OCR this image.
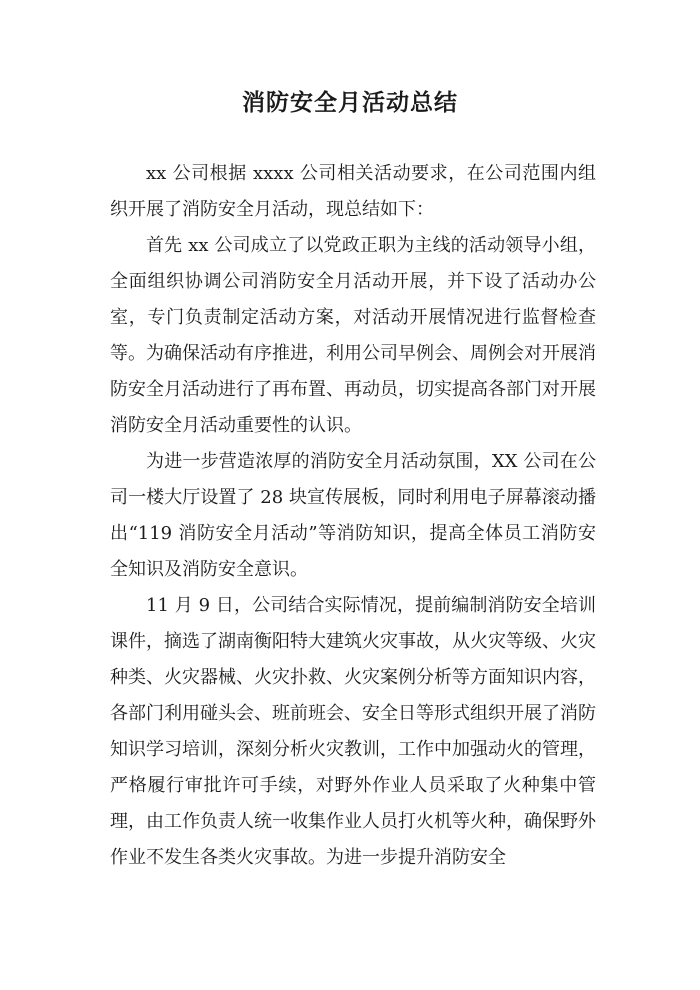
消防安全月活动总结

xx 公司根据 xxxx 公司相关活动要求，在公司范围内组织开展了消防安全月活动，现总结如下：

首先 xx 公司成立了以党政正职为主线的活动领导小组，全面组织协调公司消防安全月活动开展，并下设了活动办公室，专门负责制定活动方案，对活动开展情况进行监督检查等。为确保活动有序推进，利用公司早例会、周例会对开展消防安全月活动进行了再布置、再动员，切实提高各部门对开展消防安全月活动重要性的认识。

为进一步营造浓厚的消防安全月活动氛围，XX 公司在公司一楼大厅设置了 28 块宣传展板，同时利用电子屏幕滚动播出“119 消防安全月活动”等消防知识，提高全体员工消防安全知识及消防安全意识。

11 月 9 日，公司结合实际情况，提前编制消防安全培训课件，摘选了湖南衡阳特大建筑火灾事故，从火灾等级、火灾种类、火灾器械、火灾扑救、火灾案例分析等方面知识内容，各部门利用碰头会、班前班会、安全日等形式组织开展了消防知识学习培训，深刻分析火灾教训，工作中加强动火的管理，严格履行审批许可手续，对野外作业人员采取了火种集中管理，由工作负责人统一收集作业人员打火机等火种，确保野外作业不发生各类火灾事故。为进一步提升消防安全
